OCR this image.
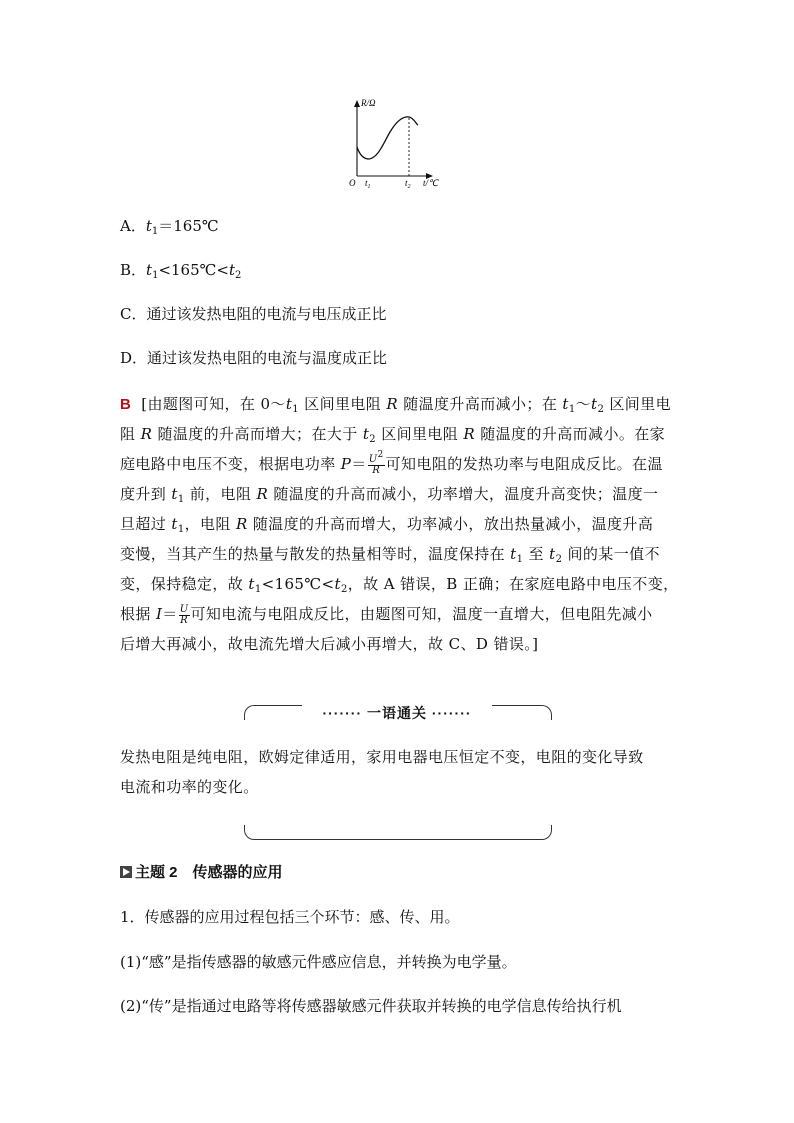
R/Ω
O $t_1$	$t_2$ t/℃
A．$t_1=165℃$
B．$t_1<165℃<t_2$
C．通过该发热电阻的电流与电压成正比
D．通过该发热电阻的电流与温度成正比
B [由题图可知，在 $0\sim t_1$ 区间里电阻 R 随温度升高而减小；在 $t_1\sim t_2$ 区间里电
阻 R 随温度的升高而增大；在大于 $t_2$ 区间里电阻 R 随温度的升高而减小。在家
庭电路中电压不变，根据电功率 $P= \frac{U^2}{R}$ 可知电阻的发热功率与电阻成反比。在温
度升到 $t_1$ 前，电阻 R 随温度的升高而减小，功率增大，温度升高变快；温度一
旦超过 $t_1$，电阻 R 随温度的升高而增大，功率减小，放出热量减小，温度升高
变慢，当其产生的热量与散发的热量相等时，温度保持在 $t_1$ 至 $t_2$ 间的某一值不
变，保持稳定，故 $t_1<165℃<t_2$，故 A 错误，B 正确；在家庭电路中电压不变，
根据 $I= \frac{U}{R}$ 可知电流与电阻成反比，由题图可知，温度一直增大，但电阻先减小
后增大再减小，故电流先增大后减小再增大，故 C、D 错误。]
······· 一语通关 ·······
发热电阻是纯电阻，欧姆定律适用，家用电器电压恒定不变，电阻的变化导致
电流和功率的变化。
主题 2　传感器的应用
1．传感器的应用过程包括三个环节：感、传、用。
(1)“感”是指传感器的敏感元件感应信息，并转换为电学量。
(2)“传”是指通过电路等将传感器敏感元件获取并转换的电学信息传给执行机
